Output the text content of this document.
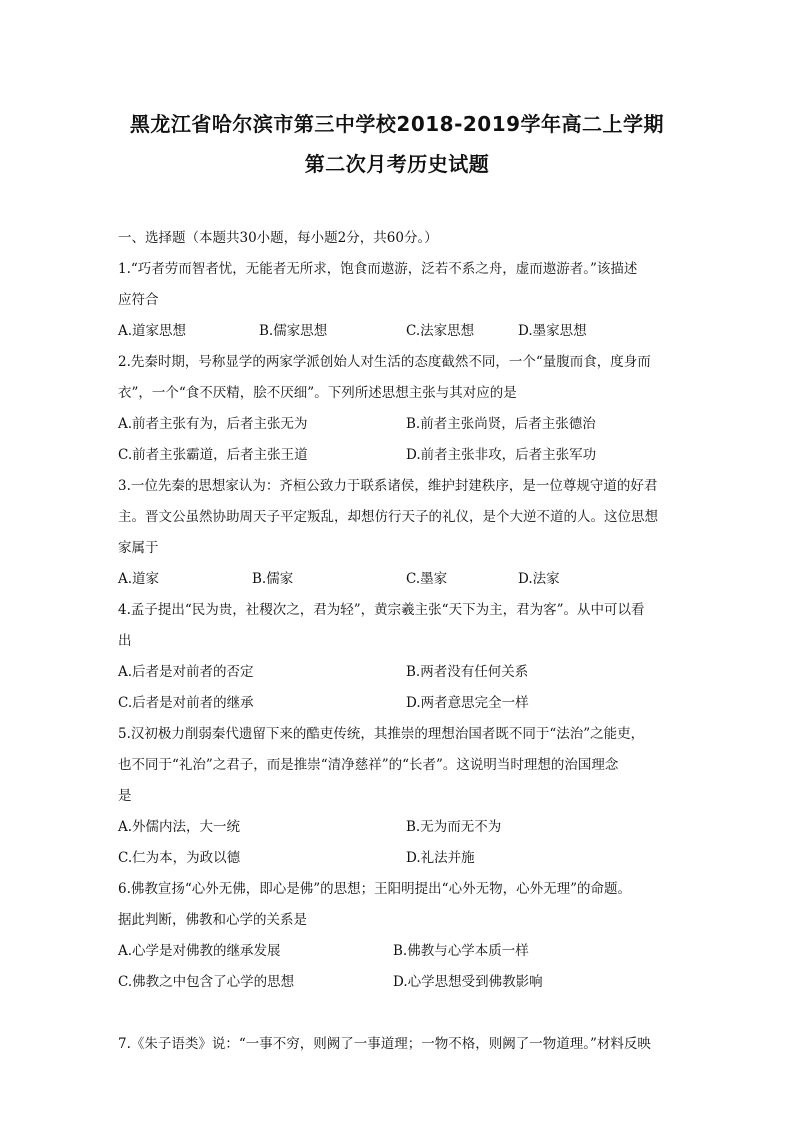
黑龙江省哈尔滨市第三中学校2018-2019学年高二上学期
第二次月考历史试题
一、选择题（本题共30小题，每小题2分，共60分。）
1.“巧者劳而智者忧，无能者无所求，饱食而遨游，泛若不系之舟，虚而遨游者。”该描述
应符合
A.道家思想	B.儒家思想	C.法家思想	D.墨家思想
2.先秦时期，号称显学的两家学派创始人对生活的态度截然不同，一个“量腹而食，度身而
衣”，一个“食不厌精，脍不厌细”。下列所述思想主张与其对应的是
A.前者主张有为，后者主张无为	B.前者主张尚贤，后者主张德治
C.前者主张霸道，后者主张王道	D.前者主张非攻，后者主张军功
3.一位先秦的思想家认为：齐桓公致力于联系诸侯，维护封建秩序，是一位尊规守道的好君
主。晋文公虽然协助周天子平定叛乱，却想仿行天子的礼仪，是个大逆不道的人。这位思想
家属于
A.道家	B.儒家	C.墨家	D.法家
4.孟子提出“民为贵，社稷次之，君为轻”，黄宗羲主张“天下为主，君为客”。从中可以看
出
A.后者是对前者的否定	B.两者没有任何关系
C.后者是对前者的继承	D.两者意思完全一样
5.汉初极力削弱秦代遗留下来的酷吏传统，其推崇的理想治国者既不同于“法治”之能吏，
也不同于“礼治”之君子，而是推崇“清净慈祥”的“长者”。这说明当时理想的治国理念
是
A.外儒内法，大一统	B.无为而无不为
C.仁为本，为政以德	D.礼法并施
6.佛教宣扬“心外无佛，即心是佛”的思想；王阳明提出“心外无物，心外无理”的命题。
据此判断，佛教和心学的关系是
A.心学是对佛教的继承发展	B.佛教与心学本质一样
C.佛教之中包含了心学的思想	D.心学思想受到佛教影响
7.《朱子语类》说：“一事不穷，则阙了一事道理；一物不格，则阙了一物道理。”材料反映
